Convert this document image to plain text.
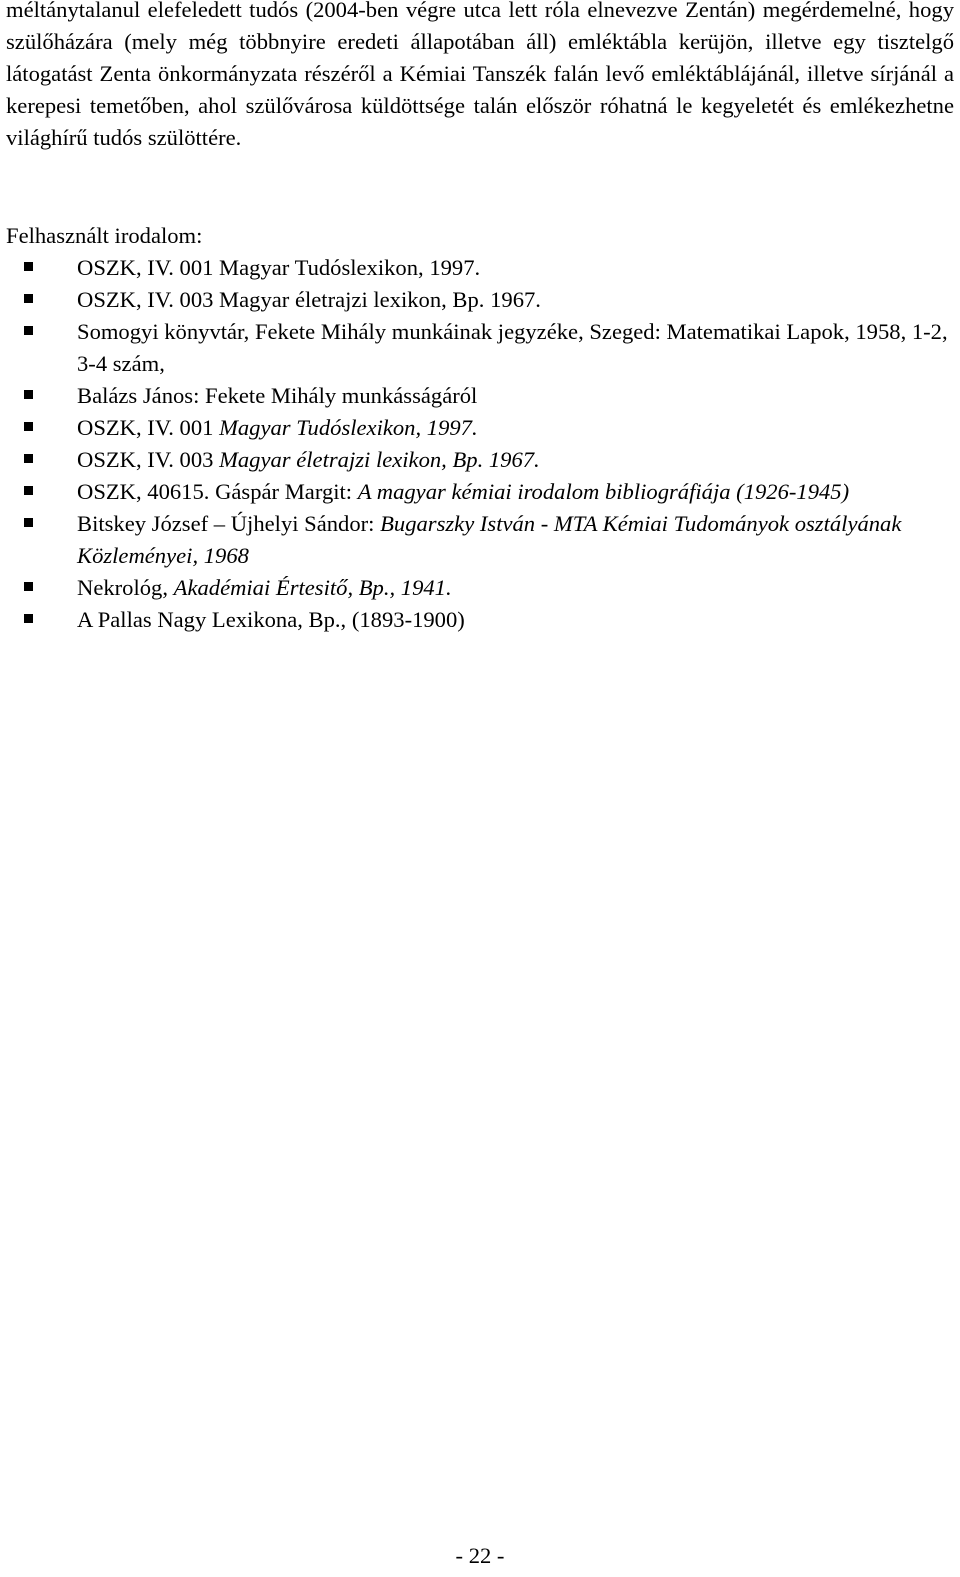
méltánytalanul elefeledett tudós (2004-ben végre utca lett róla elnevezve Zentán) megérdemelné, hogy szülőházára (mely még többnyire eredeti állapotában áll) emléktábla kerüjön, illetve egy tisztelgő látogatást Zenta önkormányzata részéről a Kémiai Tanszék falán levő emléktáblájánál, illetve sírjánál a kerepesi temetőben, ahol szülővárosa küldöttsége talán először róhatná le kegyeletét és emlékezhetne világhírű tudós szülöttére.

Felhasznált irodalom:

OSZK, IV. 001 Magyar Tudóslexikon, 1997.
OSZK, IV. 003 Magyar életrajzi lexikon, Bp. 1967.
Somogyi könyvtár, Fekete Mihály munkáinak jegyzéke, Szeged: Matematikai Lapok, 1958, 1-2, 3-4 szám,
Balázs János: Fekete Mihály munkásságáról
OSZK, IV. 001 Magyar Tudóslexikon, 1997.
OSZK, IV. 003 Magyar életrajzi lexikon, Bp. 1967.
OSZK, 40615. Gáspár Margit: A magyar kémiai irodalom bibliográfiája (1926-1945)
Bitskey József – Újhelyi Sándor: Bugarszky István - MTA Kémiai Tudományok osztályának Közleményei, 1968
Nekrológ, Akadémiai Értesitő, Bp., 1941.
A Pallas Nagy Lexikona, Bp., (1893-1900)
- 22 -
